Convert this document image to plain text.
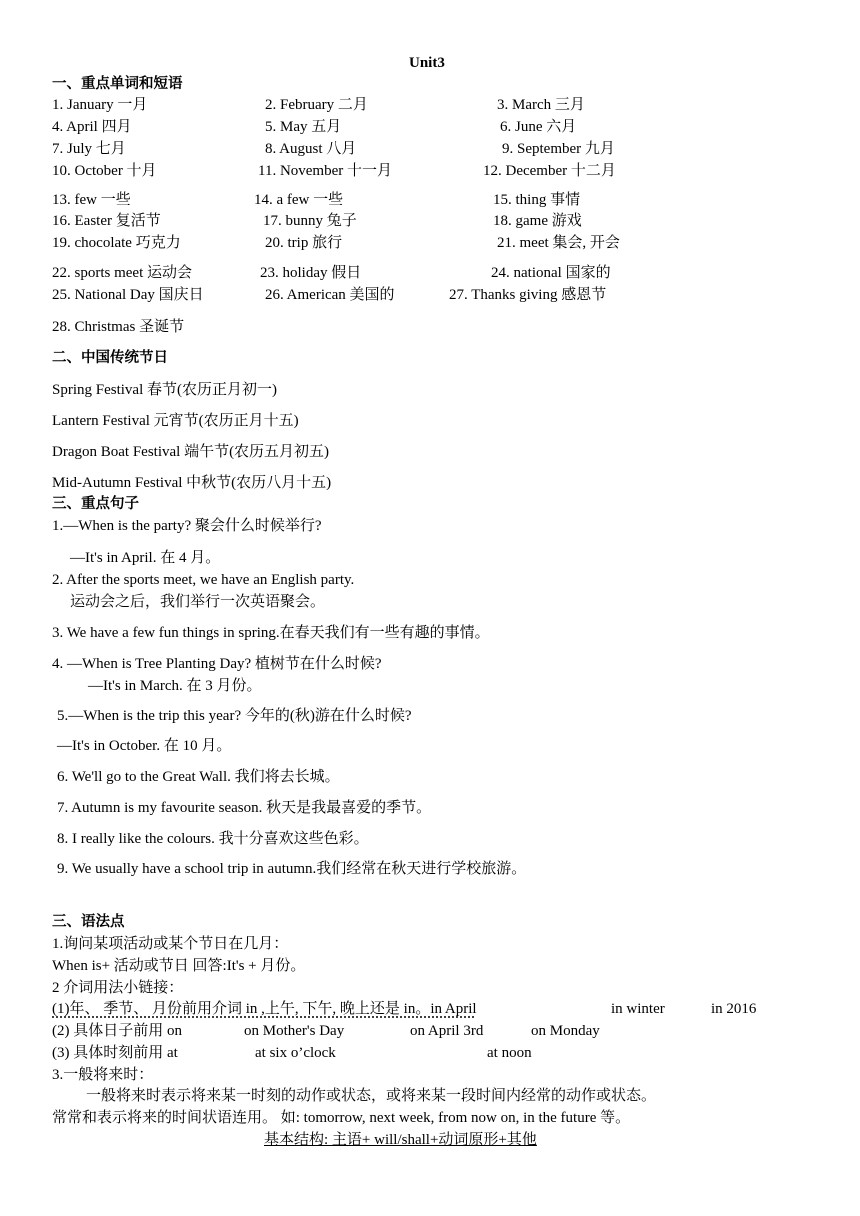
Unit3
一、重点单词和短语
1. January 一月	2. February 二月	3. March 三月
4. April 四月	5. May 五月	6. June 六月
7. July 七月	8. August 八月	9. September 九月
10. October 十月	11. November 十一月	12. December 十二月
13. few 一些	14. a few 一些	15. thing 事情
16. Easter 复活节	17. bunny 兔子	18. game 游戏
19. chocolate 巧克力	20. trip 旅行	21. meet 集会, 开会
22. sports meet 运动会	23. holiday 假日	24. national 国家的
25. National Day 国庆日	26. American 美国的	27. Thanks giving 感恩节
28. Christmas 圣诞节
二、中国传统节日
Spring Festival 春节(农历正月初一)
Lantern Festival 元宵节(农历正月十五)
Dragon Boat Festival 端午节(农历五月初五)
Mid-Autumn Festival 中秋节(农历八月十五)
三、重点句子
1.—When is the party? 聚会什么时候举行?
—It's in April. 在 4 月。
2. After the sports meet, we have an English party.
运动会之后，我们举行一次英语聚会。
3. We have a few fun things in spring.在春天我们有一些有趣的事情。
4. —When is Tree Planting Day? 植树节在什么时候?
—It's in March. 在 3 月份。
5.—When is the trip this year? 今年的(秋)游在什么时候?
—It's in October. 在 10 月。
6. We'll go to the Great Wall. 我们将去长城。
7. Autumn is my favourite season. 秋天是我最喜爱的季节。
8. I really like the colours. 我十分喜欢这些色彩。
9. We usually have a school trip in autumn.我们经常在秋天进行学校旅游。
三、语法点
1.询问某项活动或某个节日在几月：
When is+ 活动或节日 回答:It's + 月份。
2 介词用法小链接：
(1)年、 季节、 月份前用介词 in ,上午, 下午, 晚上还是 in。in April	in winter	in 2016
(2) 具体日子前用 on	on Mother's Day	on April 3rd	on Monday
(3) 具体时刻前用 at	at six o’clock	at noon
3.一般将来时：
一般将来时表示将来某一时刻的动作或状态，或将来某一段时间内经常的动作或状态。
常常和表示将来的时间状语连用。 如: tomorrow, next week, from now on, in the future 等。
基本结构: 主语+ will/shall+动词原形+其他
